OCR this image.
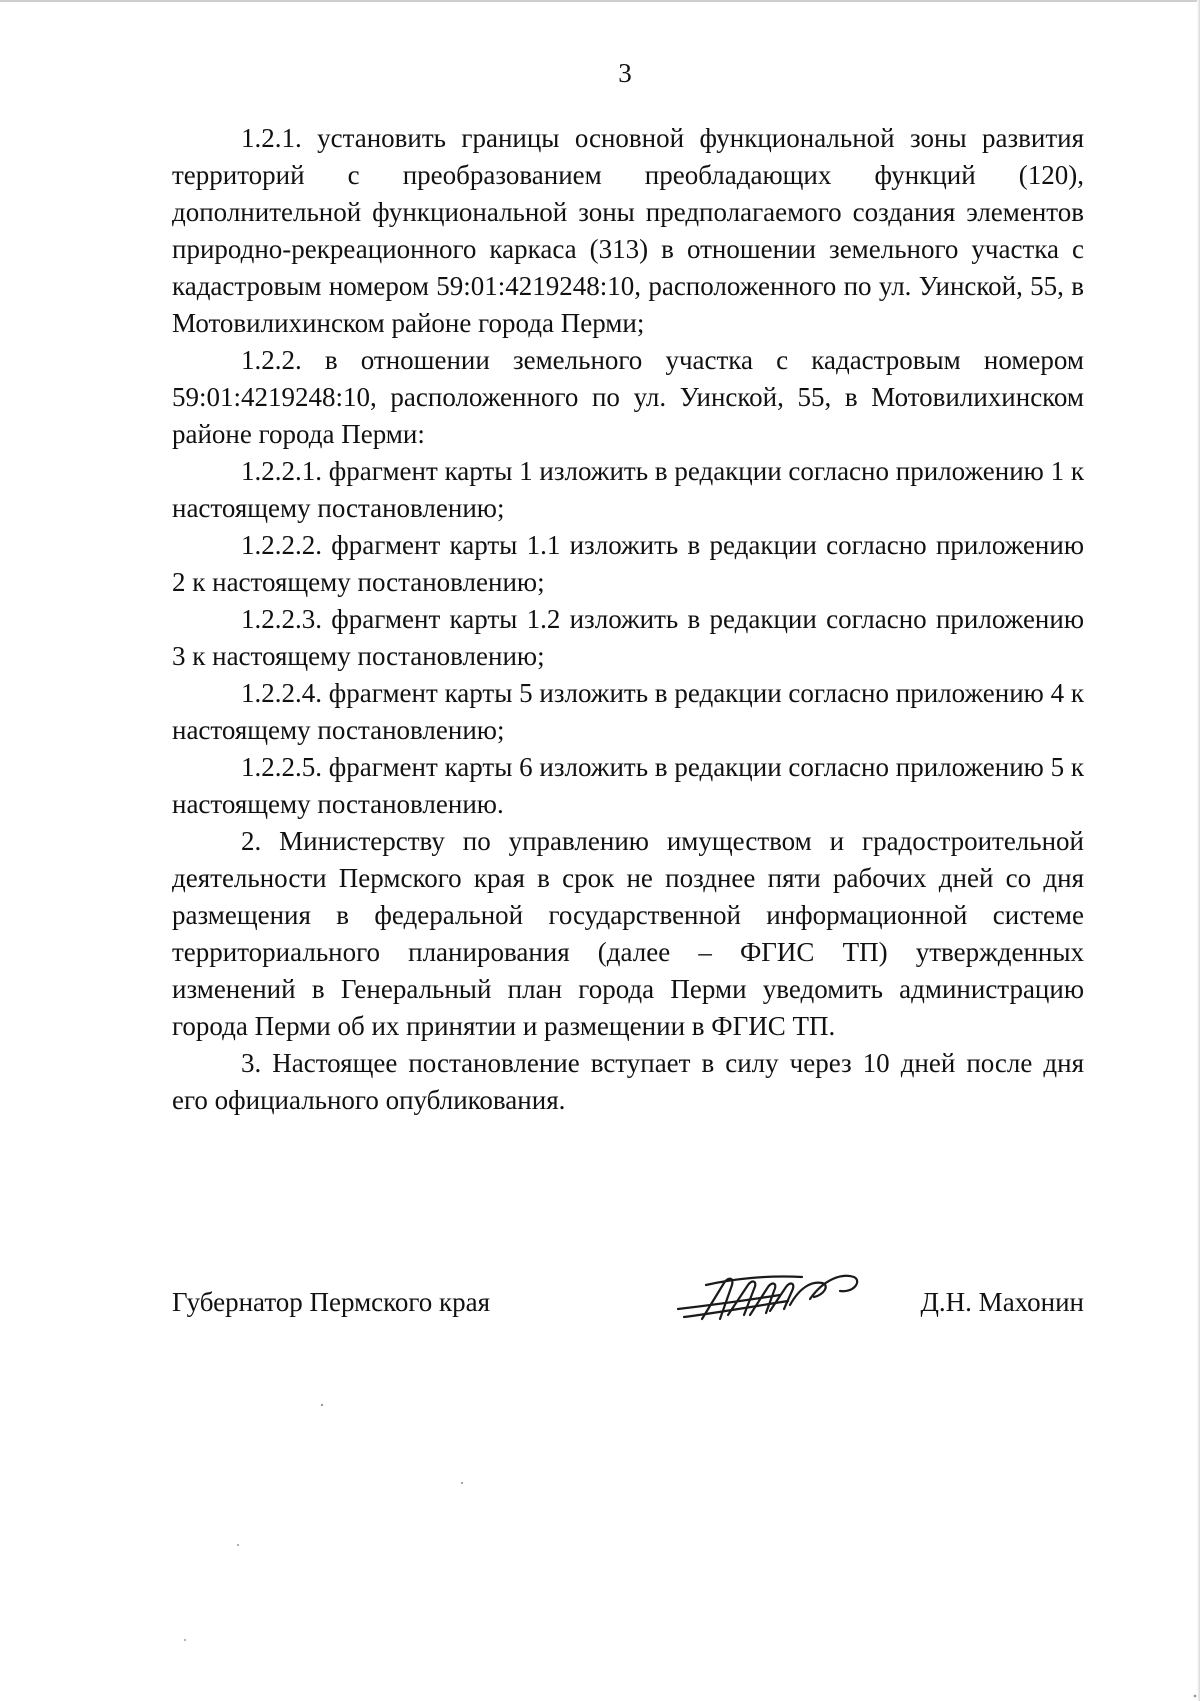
3

1.2.1. установить границы основной функциональной зоны развития территорий с преобразованием преобладающих функций (120), дополнительной функциональной зоны предполагаемого создания элементов природно-рекреационного каркаса (313) в отношении земельного участка с кадастровым номером 59:01:4219248:10, расположенного по ул. Уинской, 55, в Мотовилихинском районе города Перми;

1.2.2. в отношении земельного участка с кадастровым номером 59:01:4219248:10, расположенного по ул. Уинской, 55, в Мотовилихинском районе города Перми:

1.2.2.1. фрагмент карты 1 изложить в редакции согласно приложению 1 к настоящему постановлению;

1.2.2.2. фрагмент карты 1.1 изложить в редакции согласно приложению 2 к настоящему постановлению;

1.2.2.3. фрагмент карты 1.2 изложить в редакции согласно приложению 3 к настоящему постановлению;

1.2.2.4. фрагмент карты 5 изложить в редакции согласно приложению 4 к настоящему постановлению;

1.2.2.5. фрагмент карты 6 изложить в редакции согласно приложению 5 к настоящему постановлению.

2. Министерству по управлению имуществом и градостроительной деятельности Пермского края в срок не позднее пяти рабочих дней со дня размещения в федеральной государственной информационной системе территориального планирования (далее – ФГИС ТП) утвержденных изменений в Генеральный план города Перми уведомить администрацию города Перми об их принятии и размещении в ФГИС ТП.

3. Настоящее постановление вступает в силу через 10 дней после дня его официального опубликования.

Губернатор Пермского края	Д.Н. Махонин
